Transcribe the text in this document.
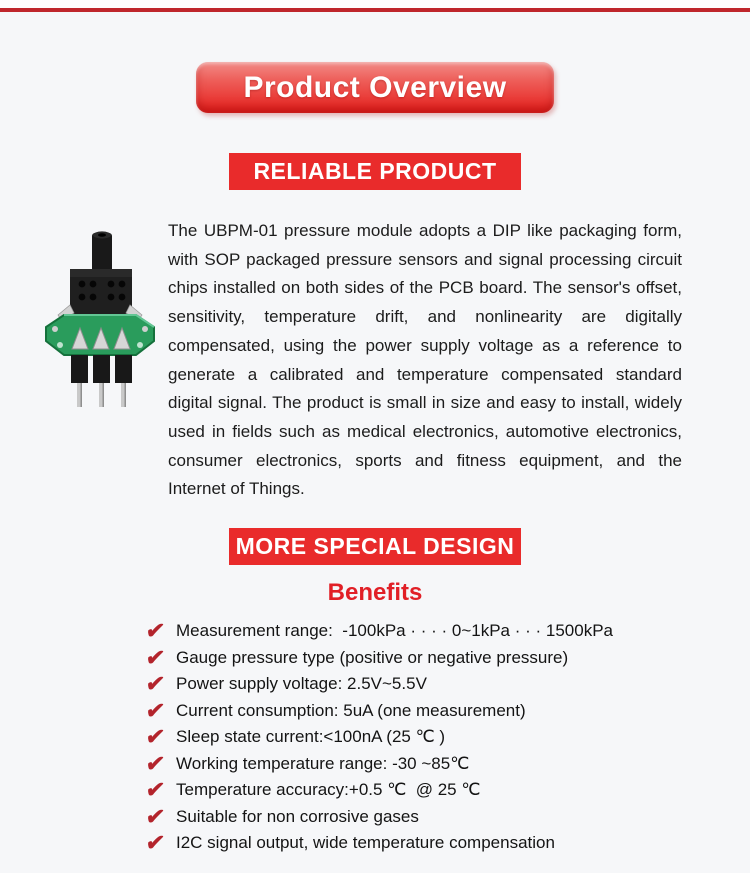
Product Overview
RELIABLE PRODUCT

The UBPM-01 pressure module adopts a DIP like packaging form, with SOP packaged pressure sensors and signal processing circuit chips installed on both sides of the PCB board. The sensor's offset, sensitivity, temperature drift, and nonlinearity are digitally compensated, using the power supply voltage as a reference to generate a calibrated and temperature compensated standard digital signal. The product is small in size and easy to install, widely used in fields such as medical electronics, automotive electronics, consumer electronics, sports and fitness equipment, and the Internet of Things.

MORE SPECIAL DESIGN
Benefits
✔ Measurement range:  -100kPa · · · · 0~1kPa · · · 1500kPa
✔ Gauge pressure type (positive or negative pressure)
✔ Power supply voltage: 2.5V~5.5V
✔ Current consumption: 5uA (one measurement)
✔ Sleep state current:<100nA (25 ℃ )
✔ Working temperature range: -30 ~85℃
✔ Temperature accuracy:+0.5 ℃  @ 25 ℃
✔ Suitable for non corrosive gases
✔ I2C signal output, wide temperature compensation
